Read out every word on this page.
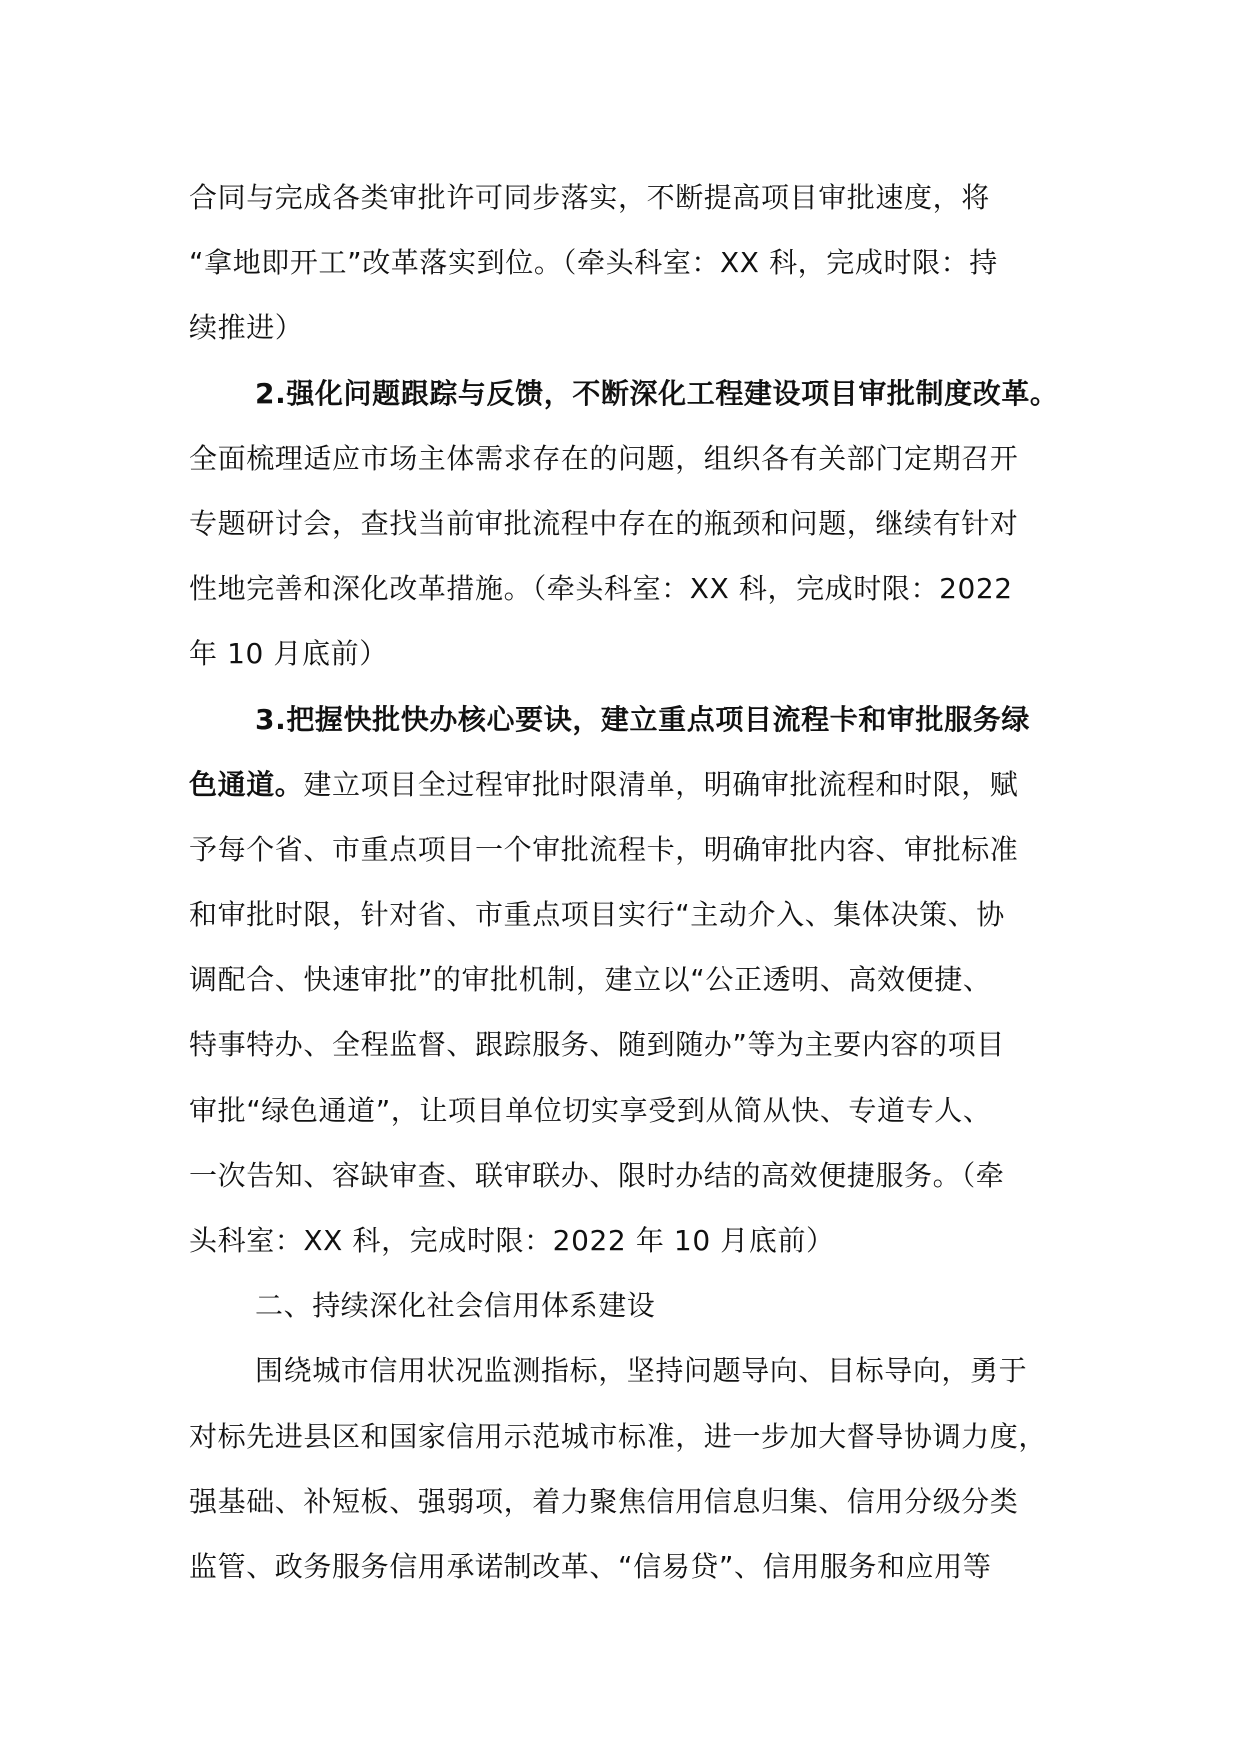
合同与完成各类审批许可同步落实，不断提高项目审批速度，将
“拿地即开工”改革落实到位。（牵头科室：XX 科，完成时限：持
续推进）
2.强化问题跟踪与反馈，不断深化工程建设项目审批制度改革。
全面梳理适应市场主体需求存在的问题，组织各有关部门定期召开
专题研讨会，查找当前审批流程中存在的瓶颈和问题，继续有针对
性地完善和深化改革措施。（牵头科室：XX 科，完成时限：2022
年 10 月底前）
3.把握快批快办核心要诀，建立重点项目流程卡和审批服务绿
色通道。建立项目全过程审批时限清单，明确审批流程和时限，赋
予每个省、市重点项目一个审批流程卡，明确审批内容、审批标准
和审批时限，针对省、市重点项目实行“主动介入、集体决策、协
调配合、快速审批”的审批机制，建立以“公正透明、高效便捷、
特事特办、全程监督、跟踪服务、随到随办”等为主要内容的项目
审批“绿色通道”，让项目单位切实享受到从简从快、专道专人、
一次告知、容缺审查、联审联办、限时办结的高效便捷服务。（牵
头科室：XX 科，完成时限：2022 年 10 月底前）
二、持续深化社会信用体系建设
围绕城市信用状况监测指标，坚持问题导向、目标导向，勇于
对标先进县区和国家信用示范城市标准，进一步加大督导协调力度，
强基础、补短板、强弱项，着力聚焦信用信息归集、信用分级分类
监管、政务服务信用承诺制改革、“信易贷”、信用服务和应用等
